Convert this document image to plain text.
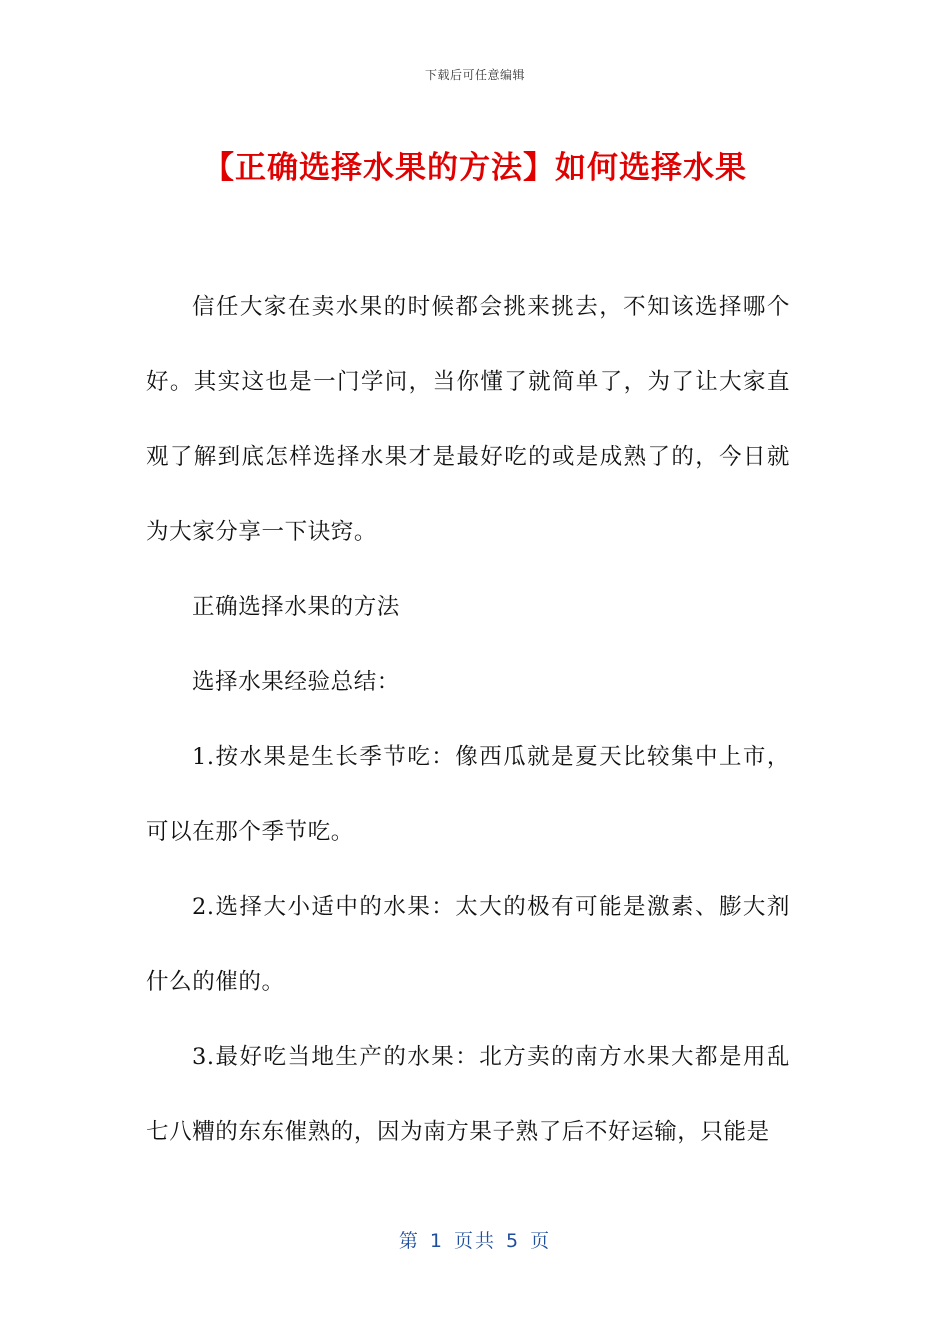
下载后可任意编辑
【正确选择水果的方法】如何选择水果

信任大家在卖水果的时候都会挑来挑去，不知该选择哪个好。其实这也是一门学问，当你懂了就简单了，为了让大家直观了解到底怎样选择水果才是最好吃的或是成熟了的，今日就为大家分享一下诀窍。

正确选择水果的方法

选择水果经验总结：

1.按水果是生长季节吃：像西瓜就是夏天比较集中上市，可以在那个季节吃。

2.选择大小适中的水果：太大的极有可能是激素、膨大剂什么的催的。

3.最好吃当地生产的水果：北方卖的南方水果大都是用乱七八糟的东东催熟的，因为南方果子熟了后不好运输，只能是

第 1 页共 5 页
